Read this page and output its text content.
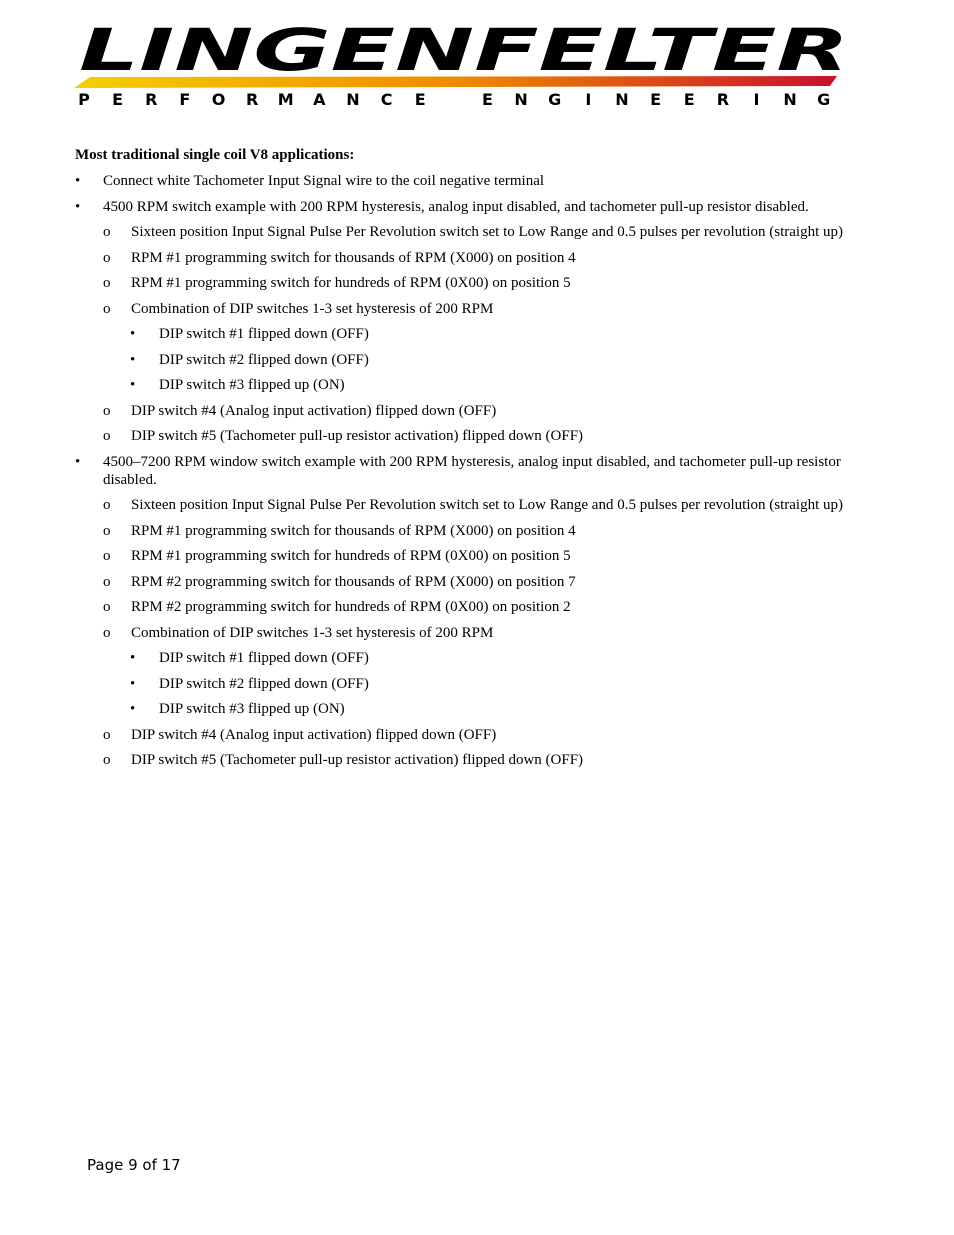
LINGENFELTER
P E R F O R M A N C E	E N G	I	N E E R	I	N G
Most traditional single coil V8 applications:
• Connect white Tachometer Input Signal wire to the coil negative terminal
• 4500 RPM switch example with 200 RPM hysteresis, analog input disabled, and tachometer pull-up resistor disabled.
o Sixteen position Input Signal Pulse Per Revolution switch set to Low Range and 0.5 pulses per revolution (straight up)
o RPM #1 programming switch for thousands of RPM (X000) on position 4
o RPM #1 programming switch for hundreds of RPM (0X00) on position 5
o Combination of DIP switches 1-3 set hysteresis of 200 RPM
• DIP switch #1 flipped down (OFF)
• DIP switch #2 flipped down (OFF)
• DIP switch #3 flipped up (ON)
o DIP switch #4 (Analog input activation) flipped down (OFF)
o DIP switch #5 (Tachometer pull-up resistor activation) flipped down (OFF)
• 4500–7200 RPM window switch example with 200 RPM hysteresis, analog input disabled, and tachometer pull-up resistor disabled.
o Sixteen position Input Signal Pulse Per Revolution switch set to Low Range and 0.5 pulses per revolution (straight up)
o RPM #1 programming switch for thousands of RPM (X000) on position 4
o RPM #1 programming switch for hundreds of RPM (0X00) on position 5
o RPM #2 programming switch for thousands of RPM (X000) on position 7
o RPM #2 programming switch for hundreds of RPM (0X00) on position 2
o Combination of DIP switches 1-3 set hysteresis of 200 RPM
• DIP switch #1 flipped down (OFF)
• DIP switch #2 flipped down (OFF)
• DIP switch #3 flipped up (ON)
o DIP switch #4 (Analog input activation) flipped down (OFF)
o DIP switch #5 (Tachometer pull-up resistor activation) flipped down (OFF)
Page 9 of 17
